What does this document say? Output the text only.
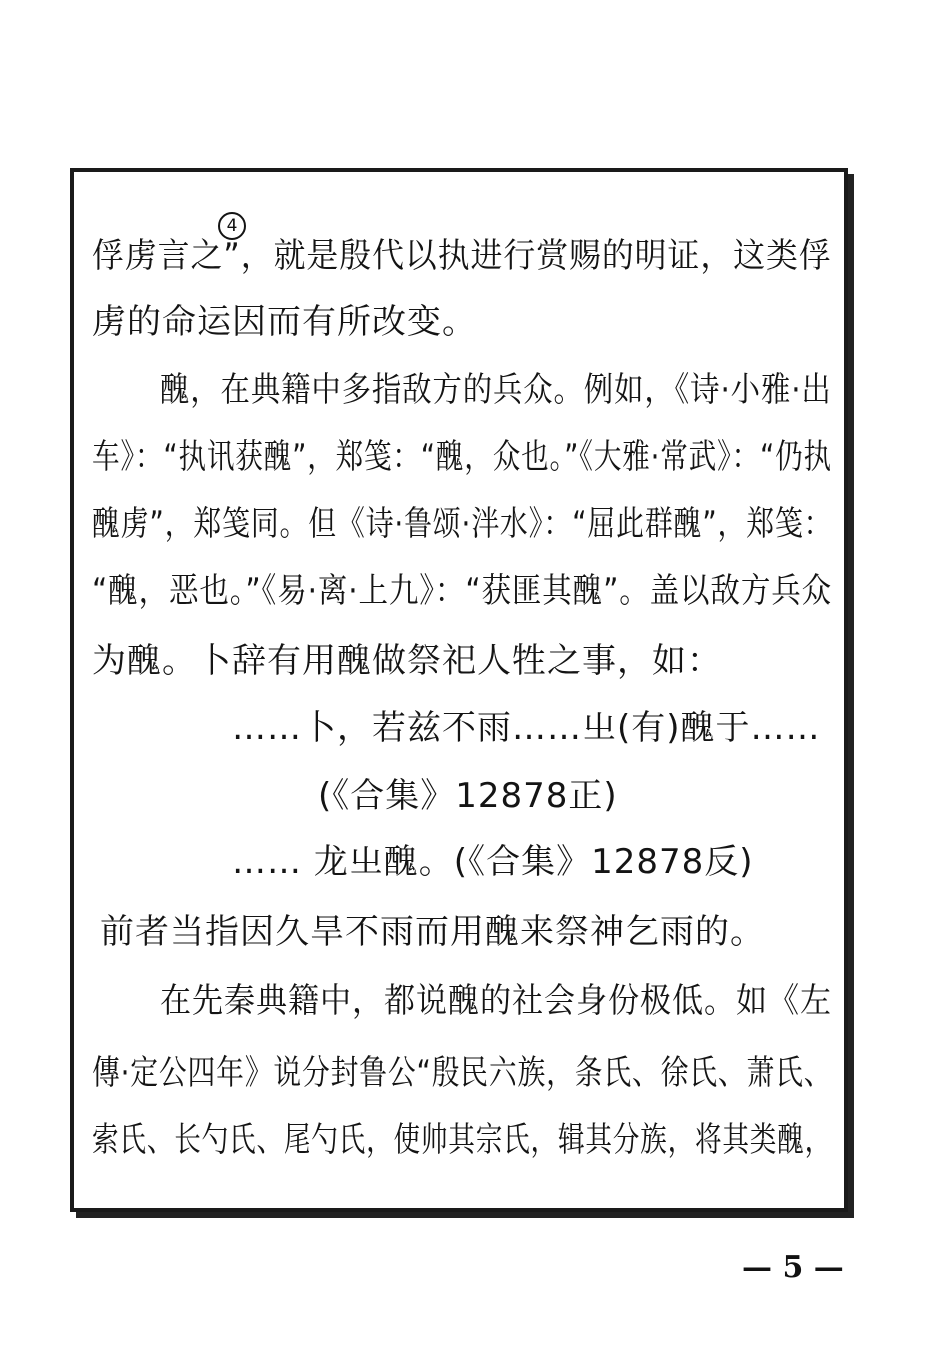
4
俘虏言之”，就是殷代以执进行赏赐的明证，这类俘
虏的命运因而有所改变。
醜，在典籍中多指敌方的兵众。例如，《诗·小雅·出
车》：“执讯获醜”，郑笺：“醜，众也。”《大雅·常武》：“仍执
醜虏”，郑笺同。但《诗·鲁颂·泮水》：“屈此群醜”，郑笺：
“醜，恶也。”《易·离·上九》：“获匪其醜”。盖以敌方兵众
为醜。卜辞有用醜做祭祀人牲之事，如：
……卜，若兹不雨……㞢(有)醜于……
(《合集》12878正)
…… 龙㞢醜。(《合集》12878反)
前者当指因久旱不雨而用醜来祭神乞雨的。
在先秦典籍中，都说醜的社会身份极低。如《左
傳·定公四年》说分封鲁公“殷民六族，条氏、徐氏、萧氏、
索氏、长勺氏、尾勺氏，使帅其宗氏，辑其分族，将其类醜，
— 5 —
